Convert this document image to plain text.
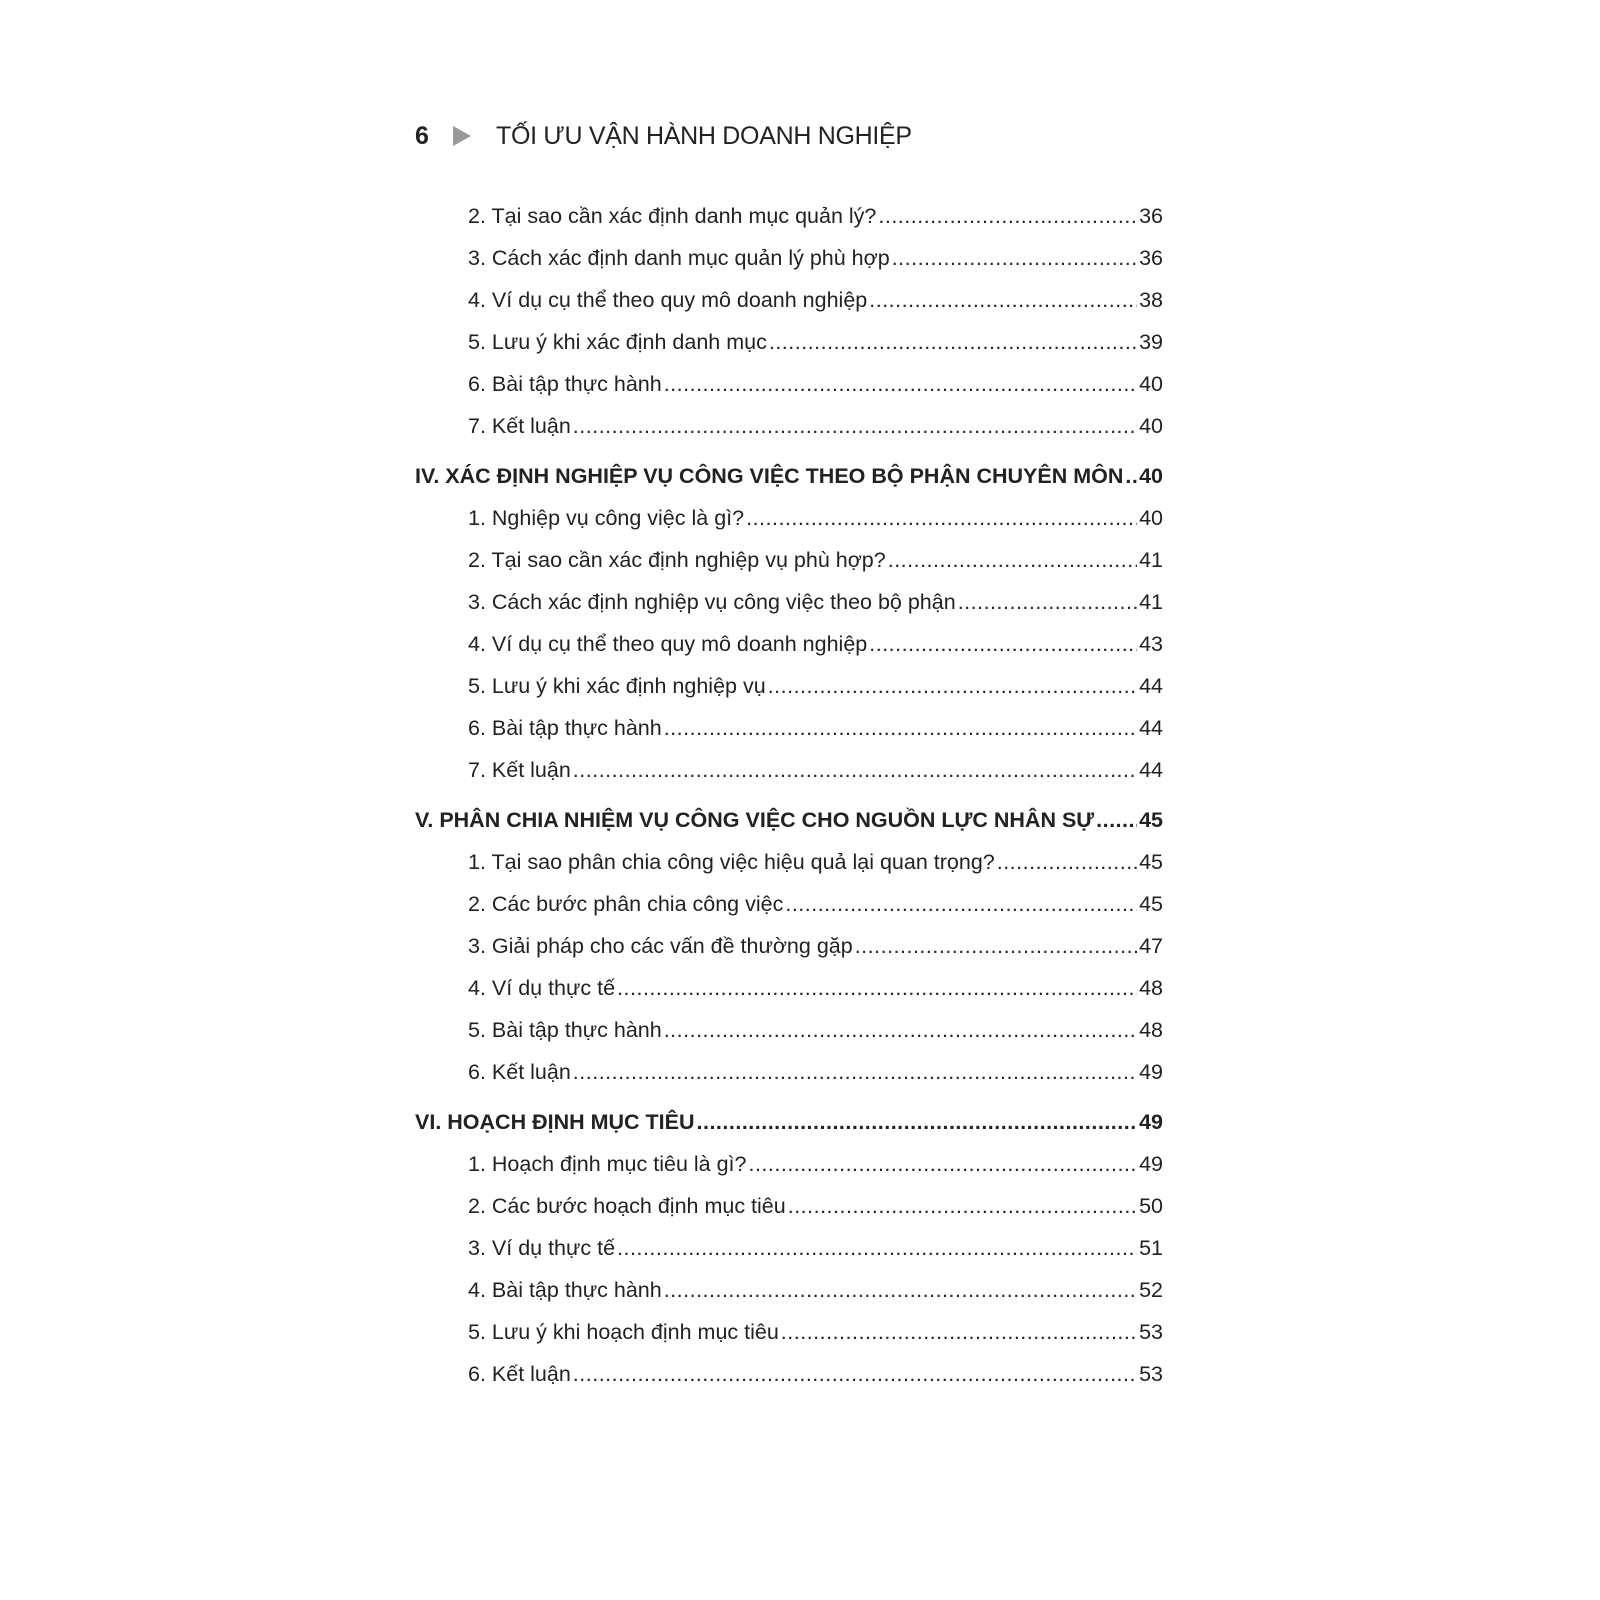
6	TỐI ƯU VẬN HÀNH DOANH NGHIỆP
2. Tại sao cần xác định danh mục quản lý? .....	36
3. Cách xác định danh mục quản lý phù hợp .....	36
4. Ví dụ cụ thể theo quy mô doanh nghiệp .....	38
5. Lưu ý khi xác định danh mục .....	39
6. Bài tập thực hành .....	40
7. Kết luận .....	40
IV. XÁC ĐỊNH NGHIỆP VỤ CÔNG VIỆC THEO BỘ PHẬN CHUYÊN MÔN ..... 40
1. Nghiệp vụ công việc là gì? .....	40
2. Tại sao cần xác định nghiệp vụ phù hợp? .....	41
3. Cách xác định nghiệp vụ công việc theo bộ phận .....	41
4. Ví dụ cụ thể theo quy mô doanh nghiệp .....	43
5. Lưu ý khi xác định nghiệp vụ .....	44
6. Bài tập thực hành .....	44
7. Kết luận .....	44
V. PHÂN CHIA NHIỆM VỤ CÔNG VIỆC CHO NGUỒN LỰC NHÂN SỰ ..... 45
1. Tại sao phân chia công việc hiệu quả lại quan trọng? .....	45
2. Các bước phân chia công việc .....	45
3. Giải pháp cho các vấn đề thường gặp .....	47
4. Ví dụ thực tế .....	48
5. Bài tập thực hành .....	48
6. Kết luận .....	49
VI. HOẠCH ĐỊNH MỤC TIÊU .....	49
1. Hoạch định mục tiêu là gì? .....	49
2. Các bước hoạch định mục tiêu .....	50
3. Ví dụ thực tế .....	51
4. Bài tập thực hành .....	52
5. Lưu ý khi hoạch định mục tiêu .....	53
6. Kết luận .....	53
